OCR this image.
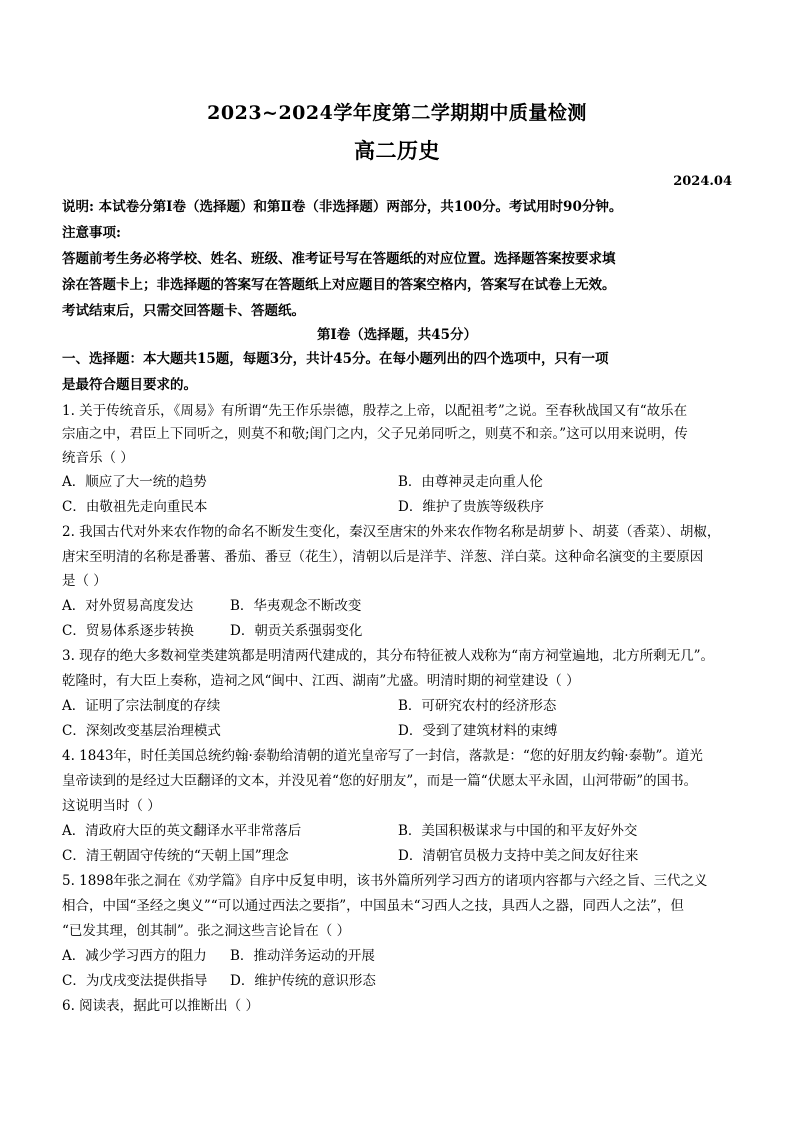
2023~2024学年度第二学期期中质量检测
高二历史
2024.04
说明: 本试卷分第Ⅰ卷（选择题）和第Ⅱ卷（非选择题）两部分，共100分。考试用时90分钟。
注意事项:
答题前考生务必将学校、姓名、班级、准考证号写在答题纸的对应位置。选择题答案按要求填
涂在答题卡上；非选择题的答案写在答题纸上对应题目的答案空格内，答案写在试卷上无效。
考试结束后，只需交回答题卡、答题纸。
第Ⅰ卷（选择题，共45分）
一、选择题：本大题共15题，每题3分，共计45分。在每小题列出的四个选项中，只有一项
是最符合题目要求的。
1. 关于传统音乐，《周易》有所谓“先王作乐崇德，殷荐之上帝，以配祖考”之说。至春秋战国又有“故乐在
宗庙之中，君臣上下同听之，则莫不和敬;闺门之内，父子兄弟同听之，则莫不和亲。”这可以用来说明，传
统音乐（ ）
A．顺应了大一统的趋势	B．由尊神灵走向重人伦
C．由敬祖先走向重民本	D．维护了贵族等级秩序
2. 我国古代对外来农作物的命名不断发生变化，秦汉至唐宋的外来农作物名称是胡萝卜、胡荽（香菜）、胡椒，
唐宋至明清的名称是番薯、番茄、番豆（花生），清朝以后是洋芋、洋葱、洋白菜。这种命名演变的主要原因
是（ ）
A．对外贸易高度发达	B．华夷观念不断改变
C．贸易体系逐步转换	D．朝贡关系强弱变化
3. 现存的绝大多数祠堂类建筑都是明清两代建成的，其分布特征被人戏称为“南方祠堂遍地，北方所剩无几”。
乾隆时，有大臣上奏称，造祠之风“闽中、江西、湖南”尤盛。明清时期的祠堂建设（ ）
A．证明了宗法制度的存续	B．可研究农村的经济形态
C．深刻改变基层治理模式	D．受到了建筑材料的束缚
4. 1843年，时任美国总统约翰·泰勒给清朝的道光皇帝写了一封信，落款是：“您的好朋友约翰·泰勒”。道光
皇帝读到的是经过大臣翻译的文本，并没见着“您的好朋友”，而是一篇“伏愿太平永固，山河带砺”的国书。
这说明当时（ ）
A．清政府大臣的英文翻译水平非常落后	B．美国积极谋求与中国的和平友好外交
C．清王朝固守传统的“天朝上国”理念	D．清朝官员极力支持中美之间友好往来
5. 1898年张之洞在《劝学篇》自序中反复申明，该书外篇所列学习西方的诸项内容都与六经之旨、三代之义
相合，中国“圣经之奥义”“可以通过西法之要指”，中国虽未“习西人之技，具西人之器，同西人之法”，但
“已发其理，创其制”。张之洞这些言论旨在（ ）
A．减少学习西方的阻力 B．推动洋务运动的开展
C．为戊戌变法提供指导 D．维护传统的意识形态
6. 阅读表，据此可以推断出（ ）
